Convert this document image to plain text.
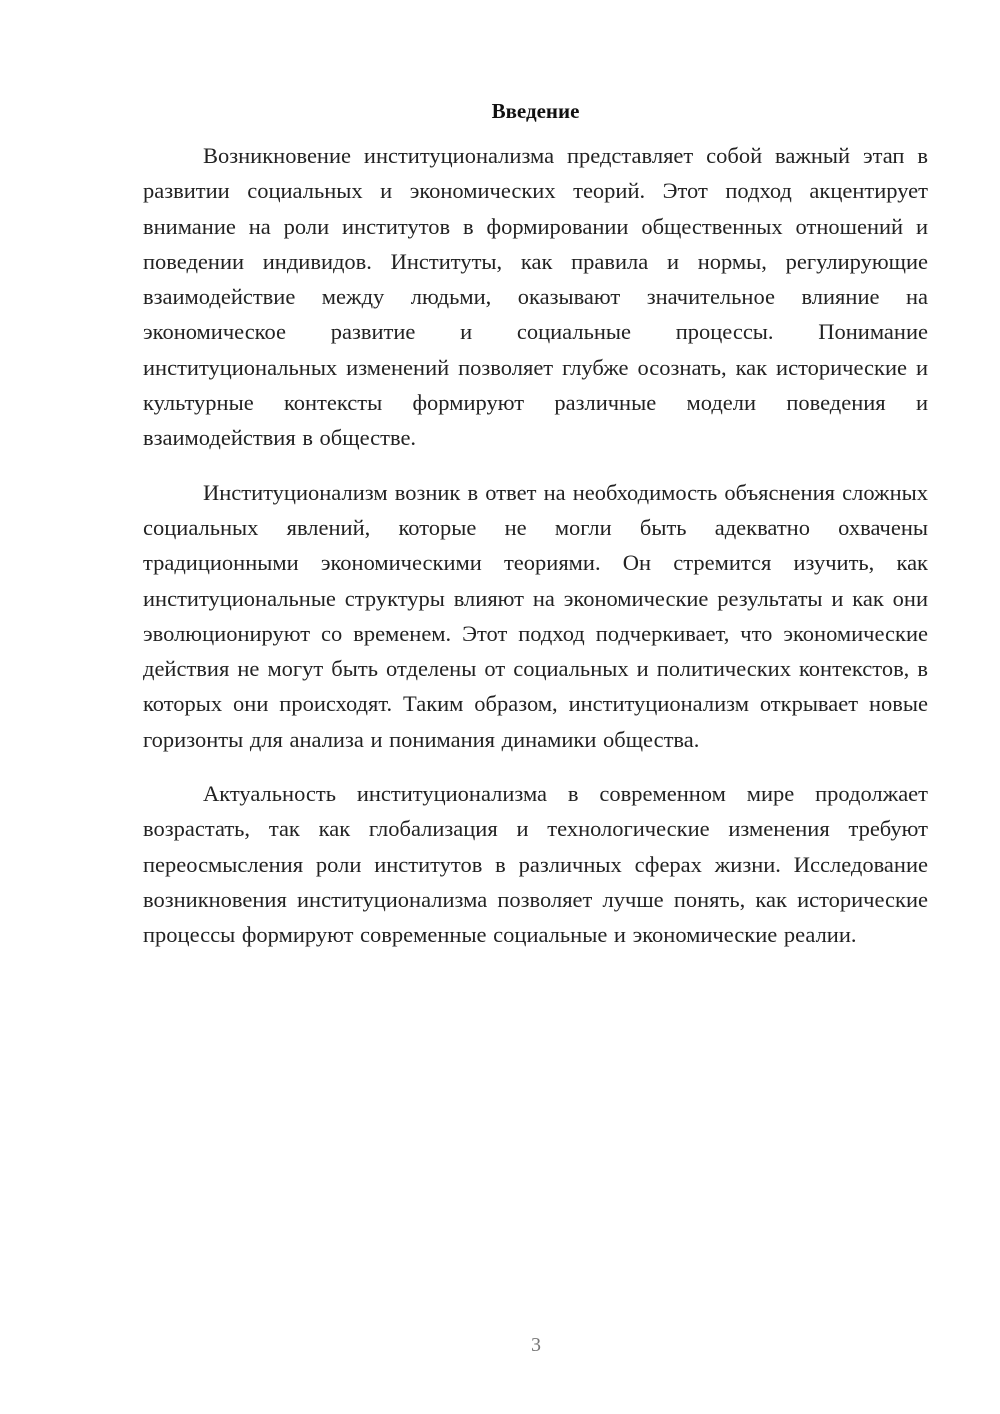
Введение

Возникновение институционализма представляет собой важный этап в развитии социальных и экономических теорий. Этот подход акцентирует внимание на роли институтов в формировании общественных отношений и поведении индивидов. Институты, как правила и нормы, регулирующие взаимодействие между людьми, оказывают значительное влияние на экономическое развитие и социальные процессы. Понимание институциональных изменений позволяет глубже осознать, как исторические и культурные контексты формируют различные модели поведения и взаимодействия в обществе.

Институционализм возник в ответ на необходимость объяснения сложных социальных явлений, которые не могли быть адекватно охвачены традиционными экономическими теориями. Он стремится изучить, как институциональные структуры влияют на экономические результаты и как они эволюционируют со временем. Этот подход подчеркивает, что экономические действия не могут быть отделены от социальных и политических контекстов, в которых они происходят. Таким образом, институционализм открывает новые горизонты для анализа и понимания динамики общества.

Актуальность институционализма в современном мире продолжает возрастать, так как глобализация и технологические изменения требуют переосмысления роли институтов в различных сферах жизни. Исследование возникновения институционализма позволяет лучше понять, как исторические процессы формируют современные социальные и экономические реалии.

3
